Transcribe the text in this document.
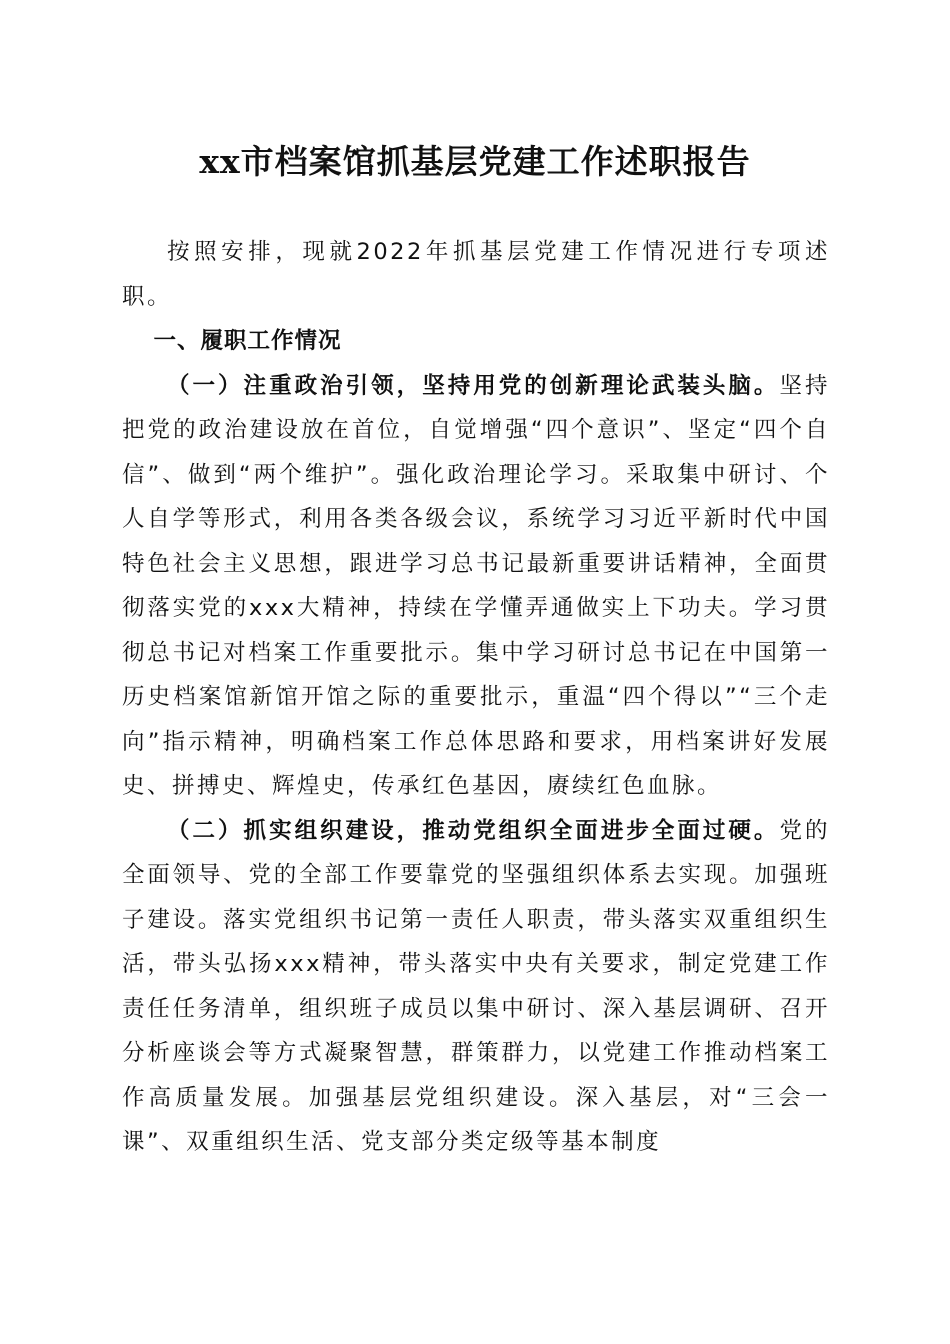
xx市档案馆抓基层党建工作述职报告

按照安排，现就2022年抓基层党建工作情况进行专项述职。

一、履职工作情况

（一）注重政治引领，坚持用党的创新理论武装头脑。坚持把党的政治建设放在首位，自觉增强“四个意识”、坚定“四个自信”、做到“两个维护”。强化政治理论学习。采取集中研讨、个人自学等形式，利用各类各级会议，系统学习习近平新时代中国特色社会主义思想，跟进学习总书记最新重要讲话精神，全面贯彻落实党的xxx大精神，持续在学懂弄通做实上下功夫。学习贯彻总书记对档案工作重要批示。集中学习研讨总书记在中国第一历史档案馆新馆开馆之际的重要批示，重温“四个得以”“三个走向”指示精神，明确档案工作总体思路和要求，用档案讲好发展史、拼搏史、辉煌史，传承红色基因，赓续红色血脉。

（二）抓实组织建设，推动党组织全面进步全面过硬。党的全面领导、党的全部工作要靠党的坚强组织体系去实现。加强班子建设。落实党组织书记第一责任人职责，带头落实双重组织生活，带头弘扬xxx精神，带头落实中央有关要求，制定党建工作责任任务清单，组织班子成员以集中研讨、深入基层调研、召开分析座谈会等方式凝聚智慧，群策群力，以党建工作推动档案工作高质量发展。加强基层党组织建设。深入基层，对“三会一课”、双重组织生活、党支部分类定级等基本制度
